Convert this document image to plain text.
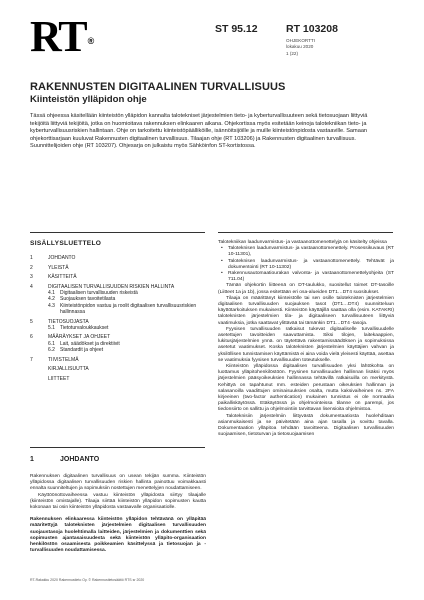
RT ®
ST 95.12	RT 103208
OHJEKORTTI
lokakuu 2020
1 (22)
RAKENNUSTEN DIGITAALINEN TURVALLISUUS
Kiinteistön ylläpidon ohje

Tässä ohjeessa käsitellään kiinteistön ylläpidon kannalta talotekniset järjestelmien tieto- ja kyberturvallisuuteen sekä tietosuojaan liittyviä tekijöitä liittyviä tekijöitä, jotka on huomioitava rakennuksen elinkaaren aikana. Ohjekortissa myös esitetään keinoja talotekniikan tieto- ja kyberturvallisuusriskien hallintaan. Ohje on tarkoitettu kiinteistöpäälliköille, isännöitsijöille ja muille kiinteistönpidosta vastaaville. Samaan ohjekorttisarjaan kuuluvat Rakennusten digitaalinen turvallisuus. Tilaajan ohje (RT 103206) ja Rakennusten digitaalinen turvallisuus. Suunnittelijoiden ohje (RT 103207). Ohjesarja on julkaistu myös Sähköinfon ST-kortistossa.

SISÄLLYSLUETTELO
1	JOHDANTO
2	YLEISTÄ
3	KÄSITTEITÄ
4	DIGITAALISEN TURVALLISUUDEN RISKIEN HALLINTA
4.1	Digitaalisen turvallisuuden riskeistä
4.2	Suojauksen tavoitetilasta
4.3	Kiinteistönpidon vastuu ja roolit digitaalisen turvallisuusriskien hallinnassa
5	TIETOSUOJASTA
5.1	Tietoturvaloukkaukset
6	MÄÄRÄYKSET JA OHJEET
6.1	Lait, säädökset ja direktiivit
6.2	Standardit ja ohjeet
7	TIIVISTELMÄ
KIRJALLISUUTTA
LIITTEET
1	JOHDANTO

Rakennuksen digitaalinen turvallisuus on usean tekijän summa. Kiinteistön ylläpidossa digitaalisen turvallisuuden riskien hallinta painottuu voimakkaasti ennalta suunniteltujen ja sopimuksiin nostettujen menettelyjen noudattamiseen.

Käyttöönottovaiheessa vastuu kiinteistön ylläpidosta siirtyy tilaajalle (kiinteistön omistajalle). Tilaaja siirtää kiinteistön ylläpidon sopimusten kautta kokonaan tai osin kiinteistön ylläpidosta vastaavalle organisaatiolle.

Rakennuksen elinkaaressa kiinteistön ylläpidon tehtävänä on ylläpitää määritettyjä taloteknisten järjestelmien digitaalisen turvallisuuden suojaustasoja huolehtimalla laitteiden, järjestelmien ja dokumenttien sekä sopimusten ajantasaisuudesta sekä kiinteistön ylläpito-organisaation henkilöstön osaamisesta poikkeamien käsittelyssä ja tietosuojan ja -turvallisuuden noudattamisessa.

Talotekniikan laadunvarmistus- ja vastaanottomenettelyjä on käsitelty ohjeissa

• Taloteknisen laadunvarmistus- ja vastaanottomenettely. Prosessikuvaus (RT 10-11301),
• Taloteknisen laadunvarmistus- ja vastaanottomenettely. Tehtävät ja dokumentointi (RT 10-11302)
• Rakennusautomaatiourakan valvonta- ja vastaanottomenettelyohjeita (ST 711.04)

Tämän ohjekortin liitteenä on DT-taulukko, suositellut toimet DT-tasoille (Liitteet 1a ja 1b), jossa esitettään eri osa-alueiden DT1…DT4 suositukset.

Tilaaja on määrittänyt kiinteistölle tai sen osille taloteknisten järjestelmien digitaalisen turvallisuuden suojauksen tasot (DT1…DT4) suunnitteluun käyttötarkoituksen mukaisesti. Kiinteistön käyttäjillä saattaa olla (esim. KATAKRI) taloteknisten järjestelmien tila- ja digitaaliseen turvallisuuteen liittyviä vaatimuksia, jotka saattavat ylittävää tai tämänkin DT1…DT4 -tasoja.

Fyysisen turvallisuuden ratkaisut tukevat digitaaliselle turvallisuudelle asetettujen tavoitteiden saavuttamista. Siksi tilojen, laitekaappien, lukitusjärjestelmien ynnä. on täytettävä rakentamissäädöksen ja sopimuksissa asetetut vaatimukset. Koska taloteknisten järjestelmien käyttäjien vahvan ja yksilöllisen tunnistamisen käyttämistä ei aina voida vielä yleisesti käyttää, asettaa se vaatimuksia fyysisen turvallisuuden toteutukselle.

Kiinteistön ylläpidossa digitaalisen turvallisuuden yksi lähtökohta on luottamus ylläpitohenkilöstöön. Fyysinen turvallisuuden hallinnan lisäksi myös järjestelmien pääsyoikeuksien hallinnassa tehtävillä ratkaisuilla on merkitystä. Kehittyä on tapahtunut mm. esteiden perustaan oikeuksien hallinnan ja salasanoilla vaadittujen ominaisuuksien osalta, mutta kaksivaiheinen ns. 2FA kirjeeinen (two-factor authentication) mukainen tunnistus ei ole normaalia paikalliskäytössä. Etäkäytössä ja ohjelmointeissa tilanne on parempi, jos tiedonsiirto on sallittu ja ohjelmointiin tarvittavan lisensioita ohjelmistoa.

Taloteknisiin järjestelmiin liittyvästä dokumentaatiosta huolehditaan asianmukaisesti ja se päivitetään aina ajan tasalla ja sovittu tavalla. Dokumentaation ylläpitoa tehdään tavoitteena. Digitaalisen turvallisuuden suojaamisen, tietoturvan ja tietosuojaamisen

RT-Rakakku 2020 Rakennustieto Oy. © Rakennustietosäätiö RTS sr 2020
